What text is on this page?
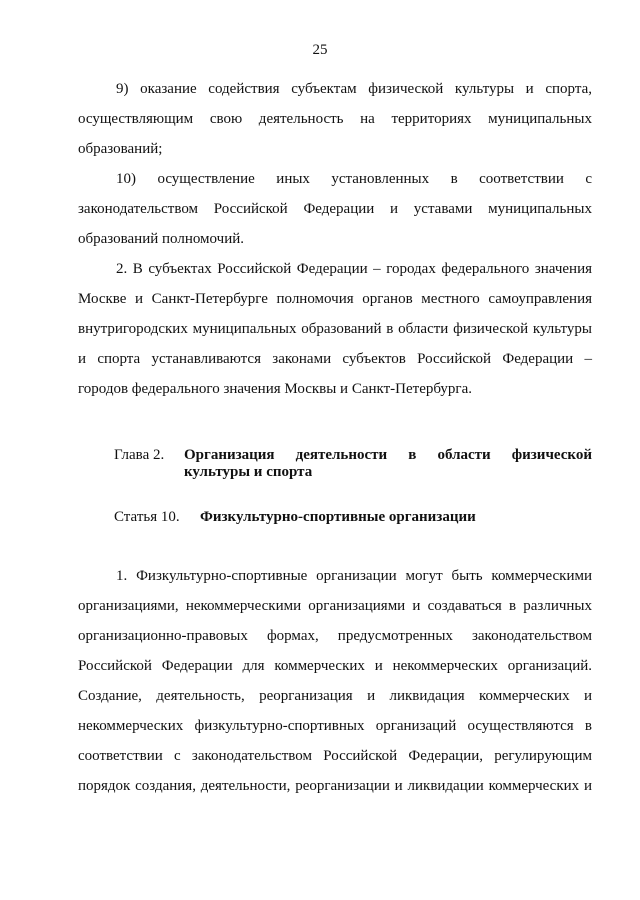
25

9) оказание содействия субъектам физической культуры и спорта, осуществляющим свою деятельность на территориях муниципальных образований;

10) осуществление иных установленных в соответствии с законодательством Российской Федерации и уставами муниципальных образований полномочий.

2. В субъектах Российской Федерации – городах федерального значения Москве и Санкт-Петербурге полномочия органов местного самоуправления внутригородских муниципальных образований в области физической культуры и спорта устанавливаются законами субъектов Российской Федерации – городов федерального значения Москвы и Санкт-Петербурга.

Глава 2.	Организация деятельности в области физической культуры и спорта
Статья 10.	Физкультурно-спортивные организации

1. Физкультурно-спортивные организации могут быть коммерческими организациями, некоммерческими организациями и создаваться в различных организационно-правовых формах, предусмотренных законодательством Российской Федерации для коммерческих и некоммерческих организаций. Создание, деятельность, реорганизация и ликвидация коммерческих и некоммерческих физкультурно-спортивных организаций осуществляются в соответствии с законодательством Российской Федерации, регулирующим порядок создания, деятельности, реорганизации и ликвидации коммерческих и
